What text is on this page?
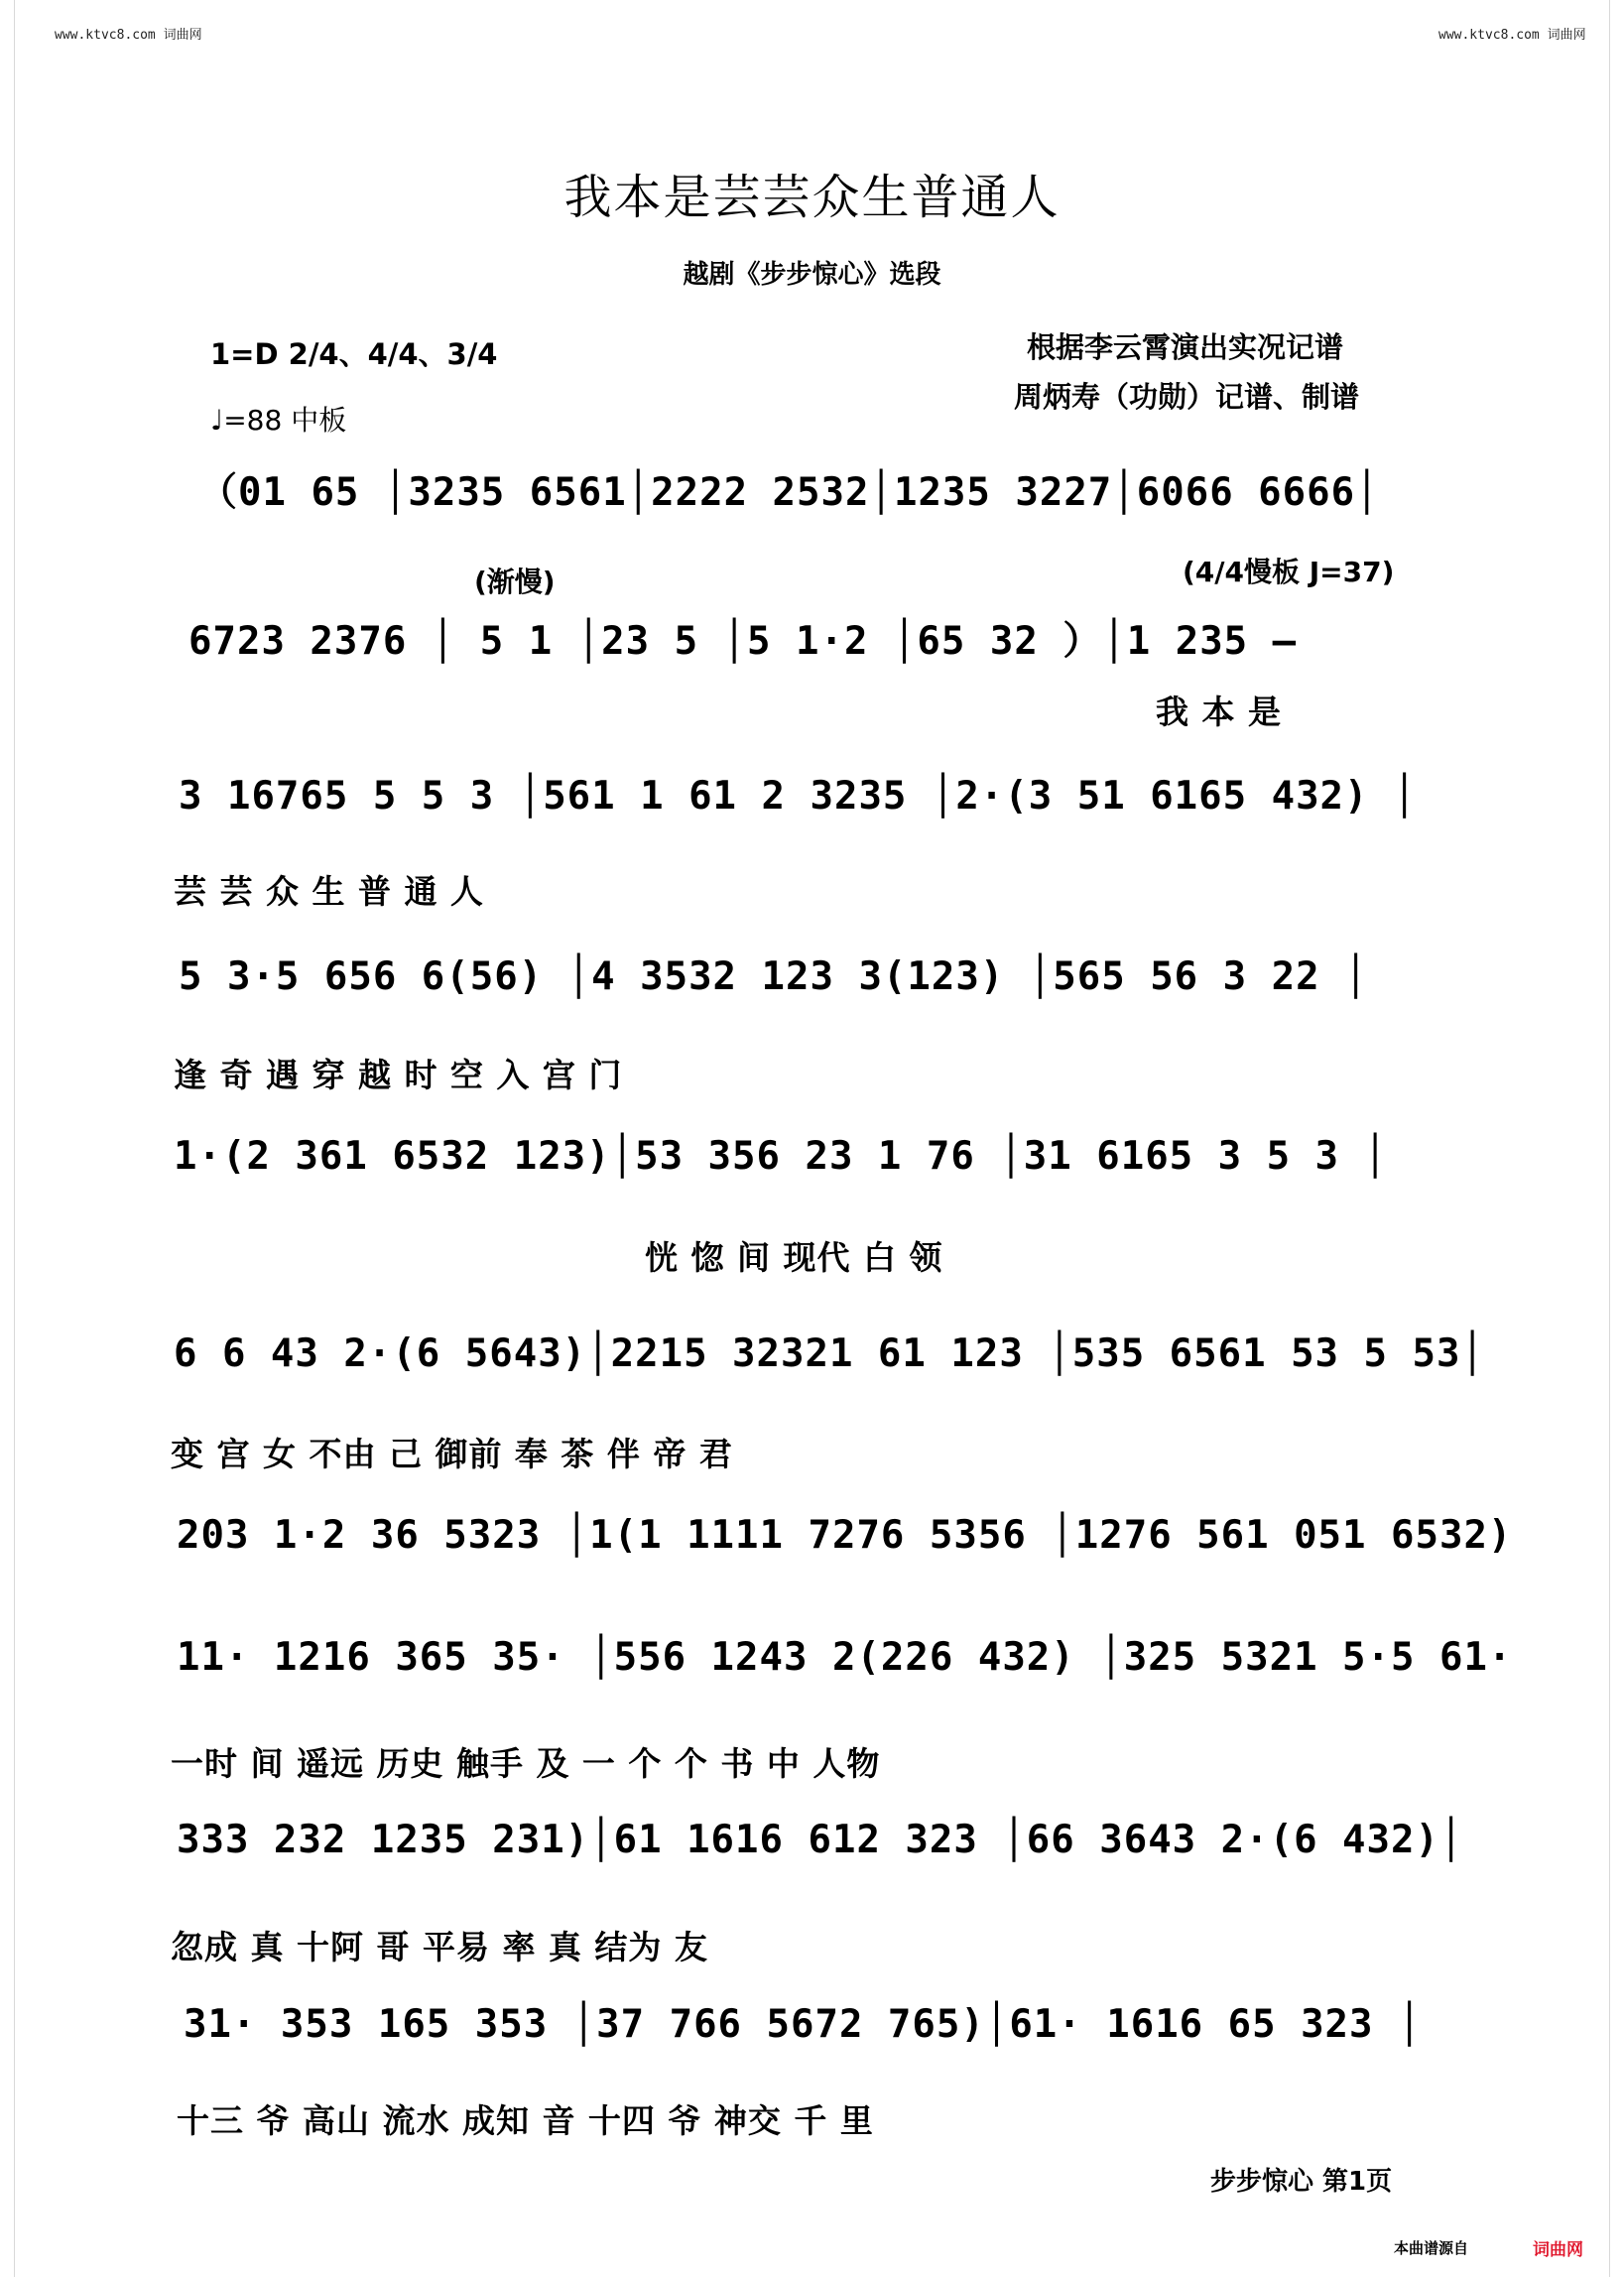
www.ktvc8.com 词曲网	www.ktvc8.com 词曲网
我本是芸芸众生普通人
越剧《步步惊心》选段
1=D 2/4、4/4、3/4
♩=88 中板
根据李云霄演出实况记谱
周炳寿（功勋）记谱、制谱
（01 65 │3235 6561│2222 2532│1235 3227│6066 6666│
(渐慢)	(4/4慢板 J=37)
6723 2376 │ 5 1 │23 5 │5 1·2 │65 32 ）│1 235 –
我 本 是
3 16765 5 5 3 │561 1 61 2 3235 │2·(3 51 6165 432) │
芸 芸 众 生 普 通 人
5 3·5 656 6(56) │4 3532 123 3(123) │565 56 3 22 │
逢 奇 遇 穿 越 时 空 入 宫 门
1·(2 361 6532 123)│53 356 23 1 76 │31 6165 3 5 3 │
恍 惚 间 现代 白 领
6 6 43 2·(6 5643)│2215 32321 61 123 │535 6561 53 5 53│
变 宫 女 不由 己 御前 奉 茶 伴 帝 君
203 1·2 36 5323 │1(1 1111 7276 5356 │1276 561 051 6532)
11· 1216 365 35· │556 1243 2(226 432) │325 5321 5·5 61·
一时 间 遥远 历史 触手 及 一 个 个 书 中 人物
333 232 1235 231)│61 1616 612 323 │66 3643 2·(6 432)│
忽成 真 十阿 哥 平易 率 真 结为 友
31· 353 165 353 │37 766 5672 765)│61· 1616 65 323 │
十三 爷 高山 流水 成知 音 十四 爷 神交 千 里
步步惊心 第1页
本曲谱源自	词曲网
